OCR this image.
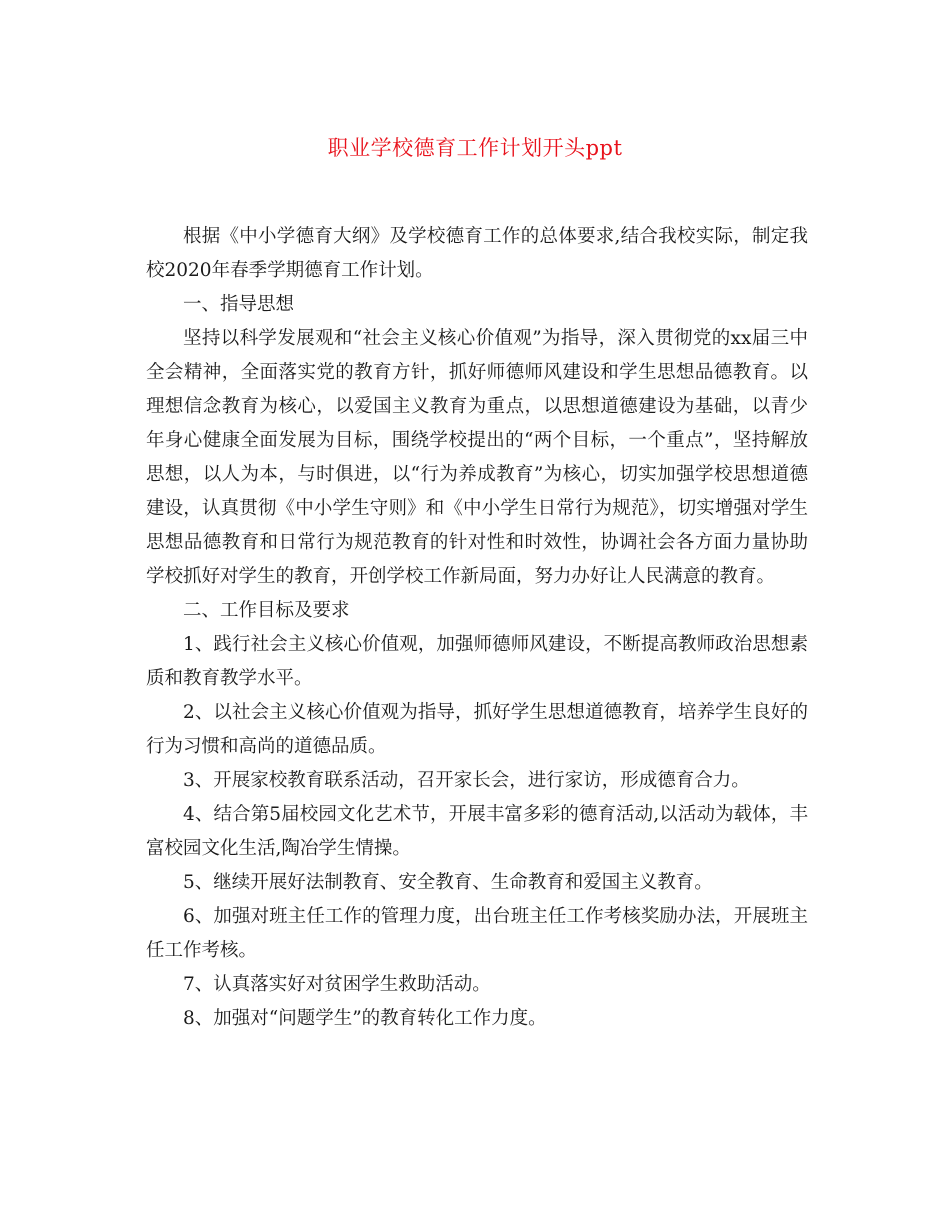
职业学校德育工作计划开头ppt

根据《中小学德育大纲》及学校德育工作的总体要求,结合我校实际，制定我校2020年春季学期德育工作计划。

一、指导思想

坚持以科学发展观和“社会主义核心价值观”为指导，深入贯彻党的xx届三中全会精神，全面落实党的教育方针，抓好师德师风建设和学生思想品德教育。以理想信念教育为核心，以爱国主义教育为重点，以思想道德建设为基础，以青少年身心健康全面发展为目标，围绕学校提出的“两个目标，一个重点”，坚持解放思想，以人为本，与时俱进，以“行为养成教育”为核心，切实加强学校思想道德建设，认真贯彻《中小学生守则》和《中小学生日常行为规范》，切实增强对学生思想品德教育和日常行为规范教育的针对性和时效性，协调社会各方面力量协助学校抓好对学生的教育，开创学校工作新局面，努力办好让人民满意的教育。

二、工作目标及要求

1、践行社会主义核心价值观，加强师德师风建设，不断提高教师政治思想素质和教育教学水平。

2、以社会主义核心价值观为指导，抓好学生思想道德教育，培养学生良好的行为习惯和高尚的道德品质。

3、开展家校教育联系活动，召开家长会，进行家访，形成德育合力。

4、结合第5届校园文化艺术节，开展丰富多彩的德育活动,以活动为载体，丰富校园文化生活,陶冶学生情操。

5、继续开展好法制教育、安全教育、生命教育和爱国主义教育。

6、加强对班主任工作的管理力度，出台班主任工作考核奖励办法，开展班主任工作考核。

7、认真落实好对贫困学生救助活动。

8、加强对“问题学生”的教育转化工作力度。
